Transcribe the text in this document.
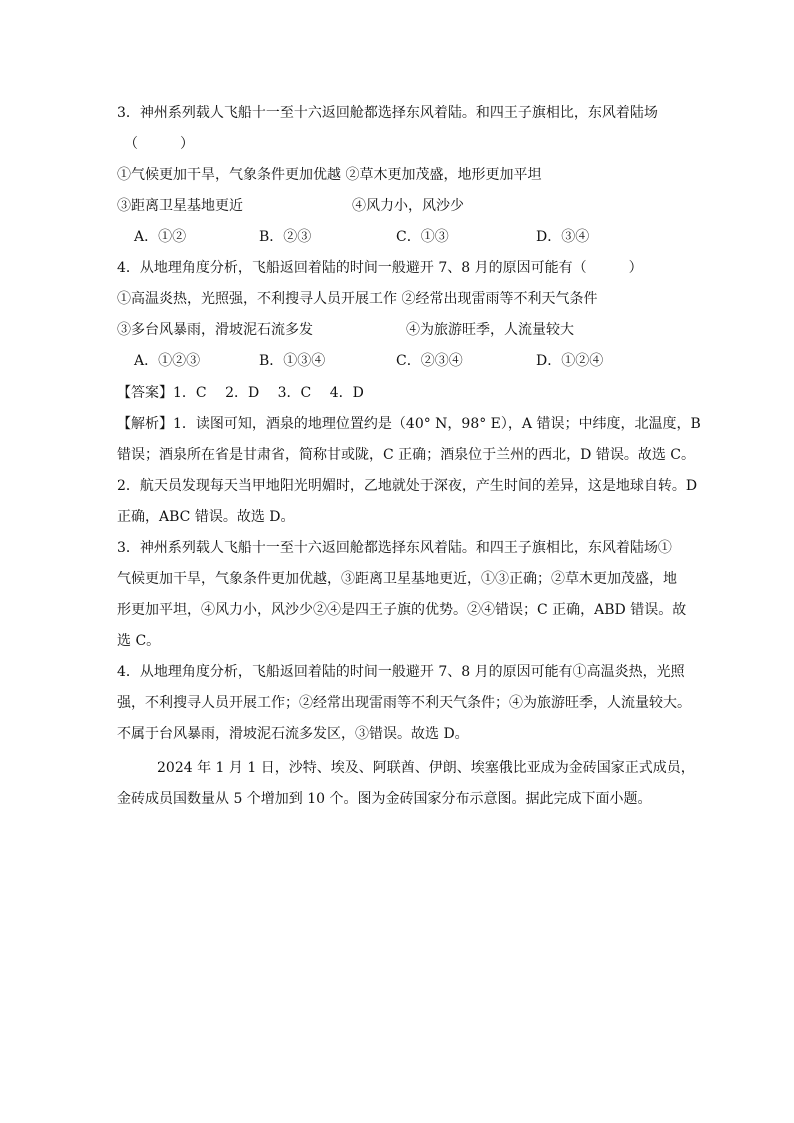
3．神州系列载人飞船十一至十六返回舱都选择东风着陆。和四王子旗相比，东风着陆场
（　　　）
①气候更加干旱，气象条件更加优越 ②草木更加茂盛，地形更加平坦
③距离卫星基地更近	④风力小，风沙少
A．①②	B．②③	C．①③	D．③④
4．从地理角度分析，飞船返回着陆的时间一般避开 7、8 月的原因可能有（　　　）
①高温炎热，光照强，不利搜寻人员开展工作 ②经常出现雷雨等不利天气条件
③多台风暴雨，滑坡泥石流多发	④为旅游旺季，人流量较大
A．①②③	B．①③④	C．②③④	D．①②④
【答案】1．C　 2．D　 3．C　 4．D
【解析】1．读图可知，酒泉的地理位置约是（40° N，98° E），A 错误；中纬度，北温度，B
错误；酒泉所在省是甘肃省，简称甘或陇，C 正确；酒泉位于兰州的西北，D 错误。故选 C。
2．航天员发现每天当甲地阳光明媚时，乙地就处于深夜，产生时间的差异，这是地球自转。D
正确，ABC 错误。故选 D。
3．神州系列载人飞船十一至十六返回舱都选择东风着陆。和四王子旗相比，东风着陆场①
气候更加干旱，气象条件更加优越，③距离卫星基地更近，①③正确；②草木更加茂盛，地
形更加平坦，④风力小，风沙少②④是四王子旗的优势。②④错误；C 正确，ABD 错误。故
选 C。
4．从地理角度分析，飞船返回着陆的时间一般避开 7、8 月的原因可能有①高温炎热，光照
强，不利搜寻人员开展工作；②经常出现雷雨等不利天气条件；④为旅游旺季，人流量较大。
不属于台风暴雨，滑坡泥石流多发区，③错误。故选 D。
2024 年 1 月 1 日，沙特、埃及、阿联酋、伊朗、埃塞俄比亚成为金砖国家正式成员，
金砖成员国数量从 5 个增加到 10 个。图为金砖国家分布示意图。据此完成下面小题。
